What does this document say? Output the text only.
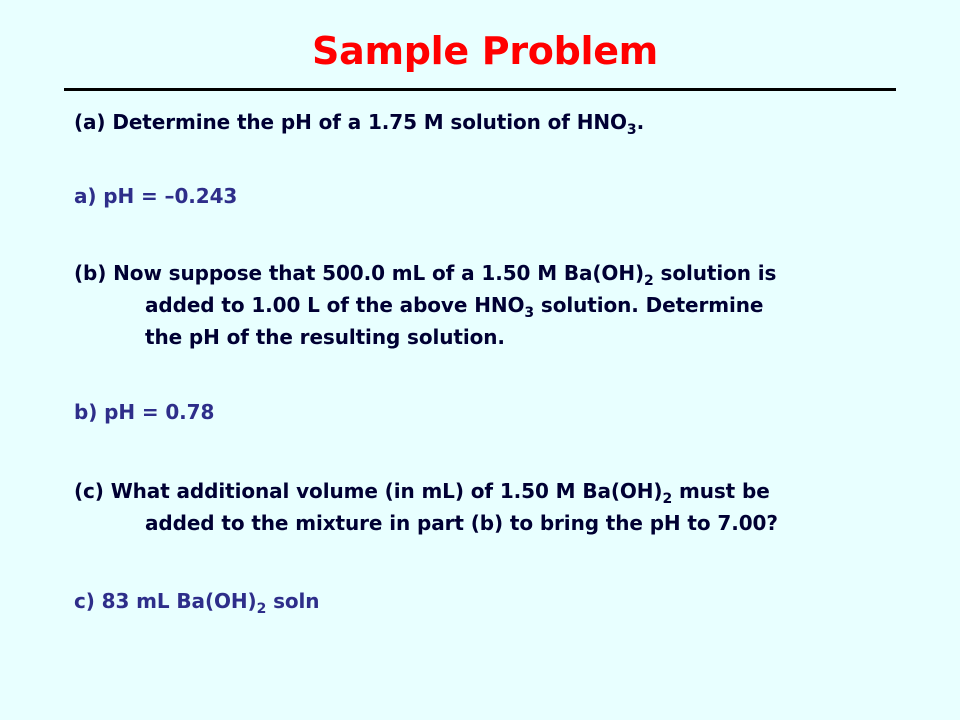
Sample Problem
(a) Determine the pH of a 1.75 M solution of $HNO_3$.
a) pH = –0.243
(b) Now suppose that 500.0 mL of a 1.50 M $Ba(OH)_2$ solution is
added to 1.00 L of the above $HNO_3$ solution. Determine
the pH of the resulting solution.
b) pH = 0.78
(c) What additional volume (in mL) of 1.50 M $Ba(OH)_2$ must be
added to the mixture in part (b) to bring the pH to 7.00?
c) 83 mL $Ba(OH)_2$ soln
